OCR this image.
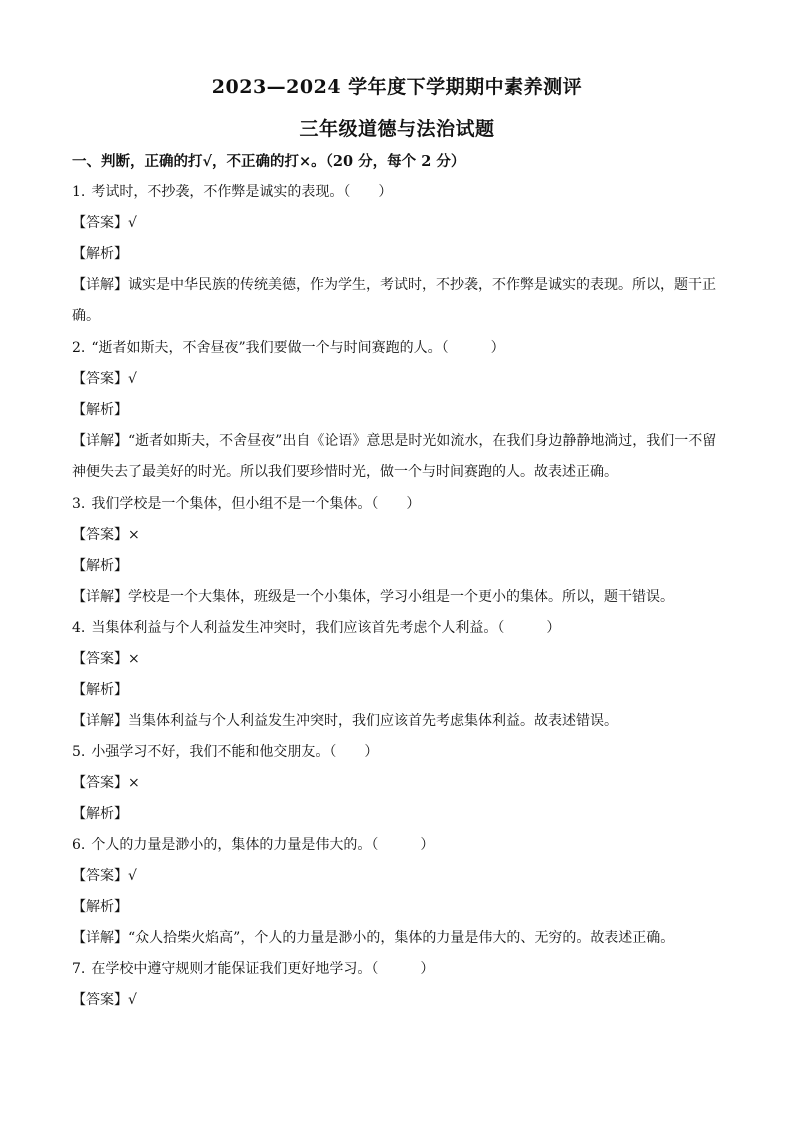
2023—2024 学年度下学期期中素养测评
三年级道德与法治试题
一、判断，正确的打√，不正确的打×。（20 分，每个 2 分）
1. 考试时，不抄袭，不作弊是诚实的表现。（　　）
【答案】√
【解析】
【详解】诚实是中华民族的传统美德，作为学生，考试时，不抄袭，不作弊是诚实的表现。所以，题干正确。
2. “逝者如斯夫，不舍昼夜”我们要做一个与时间赛跑的人。（　　　）
【答案】√
【解析】
【详解】“逝者如斯夫，不舍昼夜”出自《论语》意思是时光如流水，在我们身边静静地淌过，我们一不留神便失去了最美好的时光。所以我们要珍惜时光，做一个与时间赛跑的人。故表述正确。
3. 我们学校是一个集体，但小组不是一个集体。（　　）
【答案】×
【解析】
【详解】学校是一个大集体，班级是一个小集体，学习小组是一个更小的集体。所以，题干错误。
4. 当集体利益与个人利益发生冲突时，我们应该首先考虑个人利益。（　　　）
【答案】×
【解析】
【详解】当集体利益与个人利益发生冲突时，我们应该首先考虑集体利益。故表述错误。
5. 小强学习不好，我们不能和他交朋友。（　　）
【答案】×
【解析】
6. 个人的力量是渺小的，集体的力量是伟大的。（　　　）
【答案】√
【解析】
【详解】“众人拾柴火焰高”，个人的力量是渺小的，集体的力量是伟大的、无穷的。故表述正确。
7. 在学校中遵守规则才能保证我们更好地学习。（　　　）
【答案】√
